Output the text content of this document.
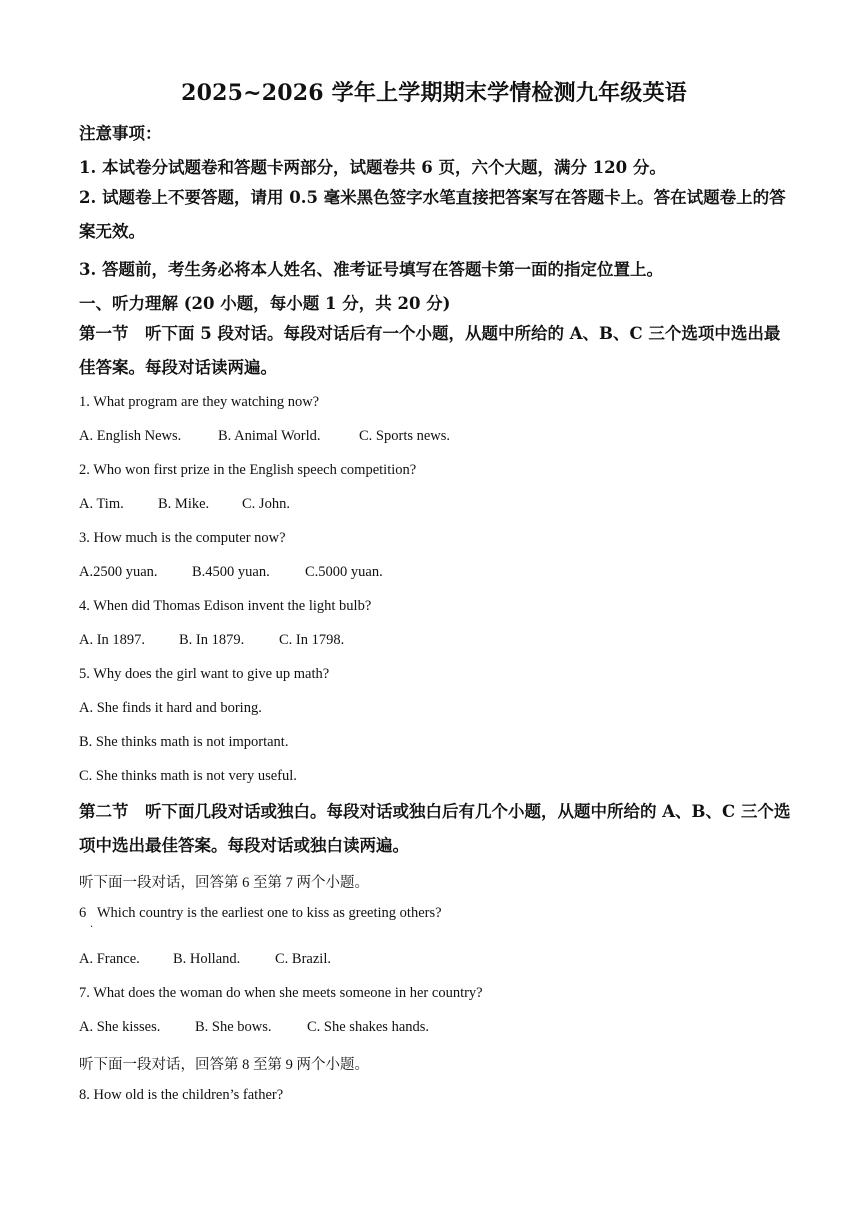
2025~2026 学年上学期期末学情检测九年级英语
注意事项：
1. 本试卷分试题卷和答题卡两部分，试题卷共 6 页，六个大题，满分 120 分。
2. 试题卷上不要答题，请用 0.5 毫米黑色签字水笔直接把答案写在答题卡上。答在试题卷上的答案无效。
3. 答题前，考生务必将本人姓名、准考证号填写在答题卡第一面的指定位置上。
一、听力理解 (20 小题，每小题 1 分，共 20 分)
第一节　听下面 5 段对话。每段对话后有一个小题，从题中所给的 A、B、C 三个选项中选出最佳答案。每段对话读两遍。
1. What program are they watching now?
A. English News.	B. Animal World.	C. Sports news.
2. Who won first prize in the English speech competition?
A. Tim. B. Mike. C. John.
3. How much is the computer now?
A.2500 yuan. B.4500 yuan. C.5000 yuan.
4. When did Thomas Edison invent the light bulb?
A. In 1897. B. In 1879. C. In 1798.
5. Why does the girl want to give up math?
A. She finds it hard and boring.
B. She thinks math is not important.
C. She thinks math is not very useful.
第二节　听下面几段对话或独白。每段对话或独白后有几个小题，从题中所给的 A、B、C 三个选项中选出最佳答案。每段对话或独白读两遍。
听下面一段对话，回答第 6 至第 7 两个小题。
6   Which country is the earliest one to kiss as greeting others?
·
A. France. B. Holland. C. Brazil.
7. What does the woman do when she meets someone in her country?
A. She kisses. B. She bows. C. She shakes hands.
听下面一段对话，回答第 8 至第 9 两个小题。
8. How old is the children’s father?
